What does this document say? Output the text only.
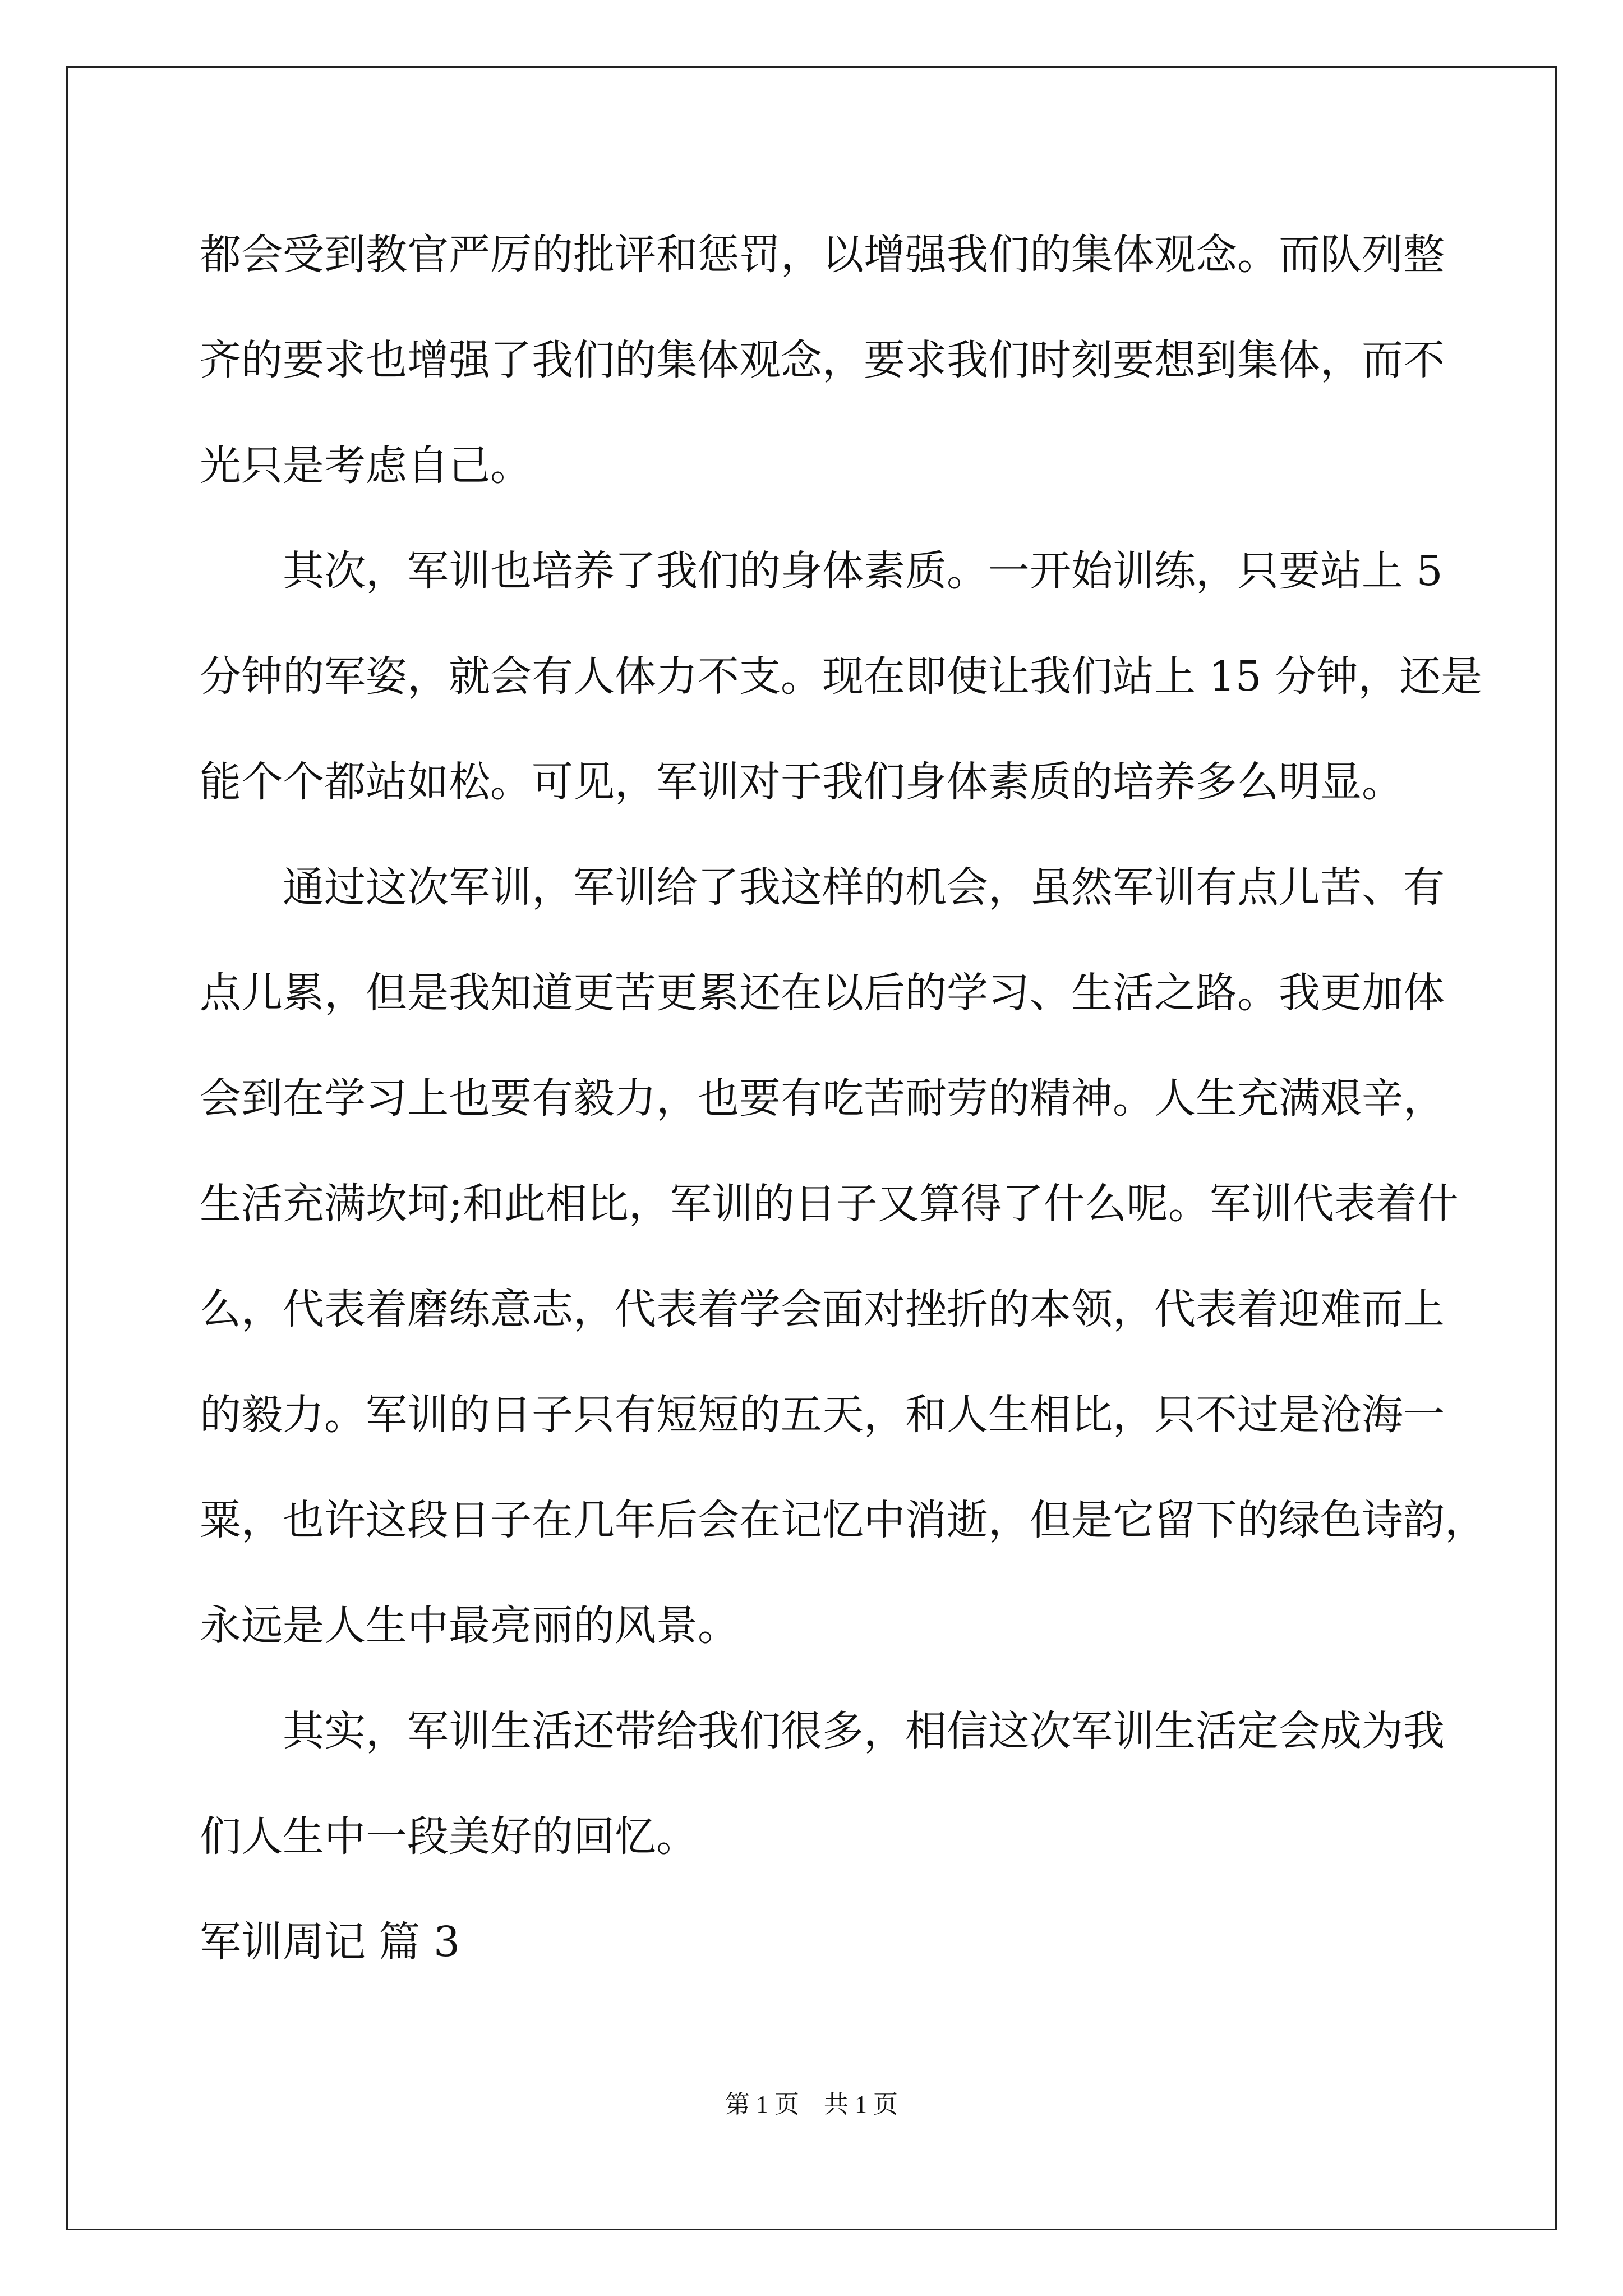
都会受到教官严厉的批评和惩罚，以增强我们的集体观念。而队列整
齐的要求也增强了我们的集体观念，要求我们时刻要想到集体，而不
光只是考虑自己。
其次，军训也培养了我们的身体素质。一开始训练，只要站上 5
分钟的军姿，就会有人体力不支。现在即使让我们站上 15 分钟，还是
能个个都站如松。可见，军训对于我们身体素质的培养多么明显。
通过这次军训，军训给了我这样的机会，虽然军训有点儿苦、有
点儿累，但是我知道更苦更累还在以后的学习、生活之路。我更加体
会到在学习上也要有毅力，也要有吃苦耐劳的精神。人生充满艰辛，
生活充满坎坷;和此相比，军训的日子又算得了什么呢。军训代表着什
么，代表着磨练意志，代表着学会面对挫折的本领，代表着迎难而上
的毅力。军训的日子只有短短的五天，和人生相比，只不过是沧海一
粟，也许这段日子在几年后会在记忆中消逝，但是它留下的绿色诗韵，
永远是人生中最亮丽的风景。
其实，军训生活还带给我们很多，相信这次军训生活定会成为我
们人生中一段美好的回忆。
军训周记 篇 3
第 1 页　共 1 页
